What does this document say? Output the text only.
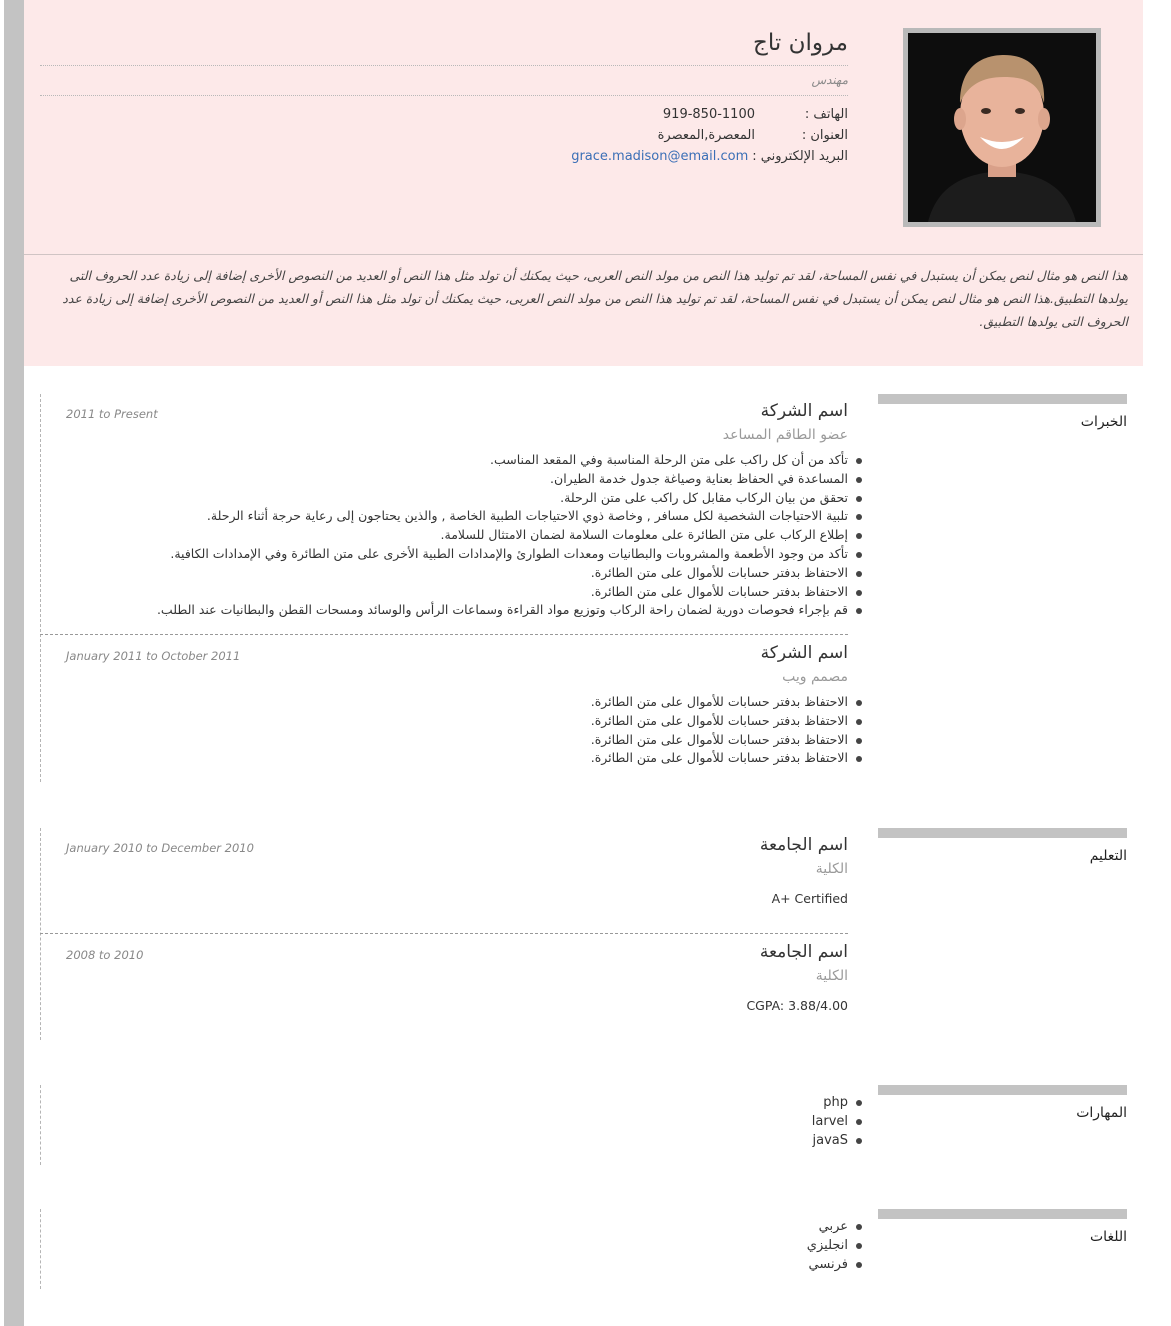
مروان تاج
مهندس
الهاتف :
919-850-1100
العنوان :
المعصرة,المعصرة
البريد الإلكتروني :
grace.madison@email.com
هذا النص هو مثال لنص يمكن أن يستبدل في نفس المساحة، لقد تم توليد هذا النص من مولد النص العربى، حيث يمكنك أن تولد مثل هذا النص أو العديد من النصوص الأخرى إضافة إلى زيادة عدد الحروف التى يولدها التطبيق.هذا النص هو مثال لنص يمكن أن يستبدل في نفس المساحة، لقد تم توليد هذا النص من مولد النص العربى، حيث يمكنك أن تولد مثل هذا النص أو العديد من النصوص الأخرى إضافة إلى زيادة عدد الحروف التى يولدها التطبيق.
الخبرات
اسم الشركة
عضو الطاقم المساعد
2011 to Present
تأكد من أن كل راكب على متن الرحلة المناسبة وفي المقعد المناسب.
المساعدة في الحفاظ بعناية وصياغة جدول خدمة الطيران.
تحقق من بيان الركاب مقابل كل راكب على متن الرحلة.
تلبية الاحتياجات الشخصية لكل مسافر , وخاصة ذوي الاحتياجات الطبية الخاصة , والذين يحتاجون إلى رعاية حرجة أثناء الرحلة.
إطلاع الركاب على متن الطائرة على معلومات السلامة لضمان الامتثال للسلامة.
تأكد من وجود الأطعمة والمشروبات والبطانيات ومعدات الطوارئ والإمدادات الطبية الأخرى على متن الطائرة وفي الإمدادات الكافية.
الاحتفاظ بدفتر حسابات للأموال على متن الطائرة.
الاحتفاظ بدفتر حسابات للأموال على متن الطائرة.
قم بإجراء فحوصات دورية لضمان راحة الركاب وتوزيع مواد القراءة وسماعات الرأس والوسائد ومسحات القطن والبطانيات عند الطلب.
اسم الشركة
مصمم ويب
January 2011 to October 2011
الاحتفاظ بدفتر حسابات للأموال على متن الطائرة.
الاحتفاظ بدفتر حسابات للأموال على متن الطائرة.
الاحتفاظ بدفتر حسابات للأموال على متن الطائرة.
الاحتفاظ بدفتر حسابات للأموال على متن الطائرة.
التعليم
اسم الجامعة
الكلية
January 2010 to December 2010
A+ Certified
اسم الجامعة
الكلية
2008 to 2010
CGPA: 3.88/4.00
المهارات
php
larvel
javaS
اللغات
عربي
انجليزي
فرنسي
